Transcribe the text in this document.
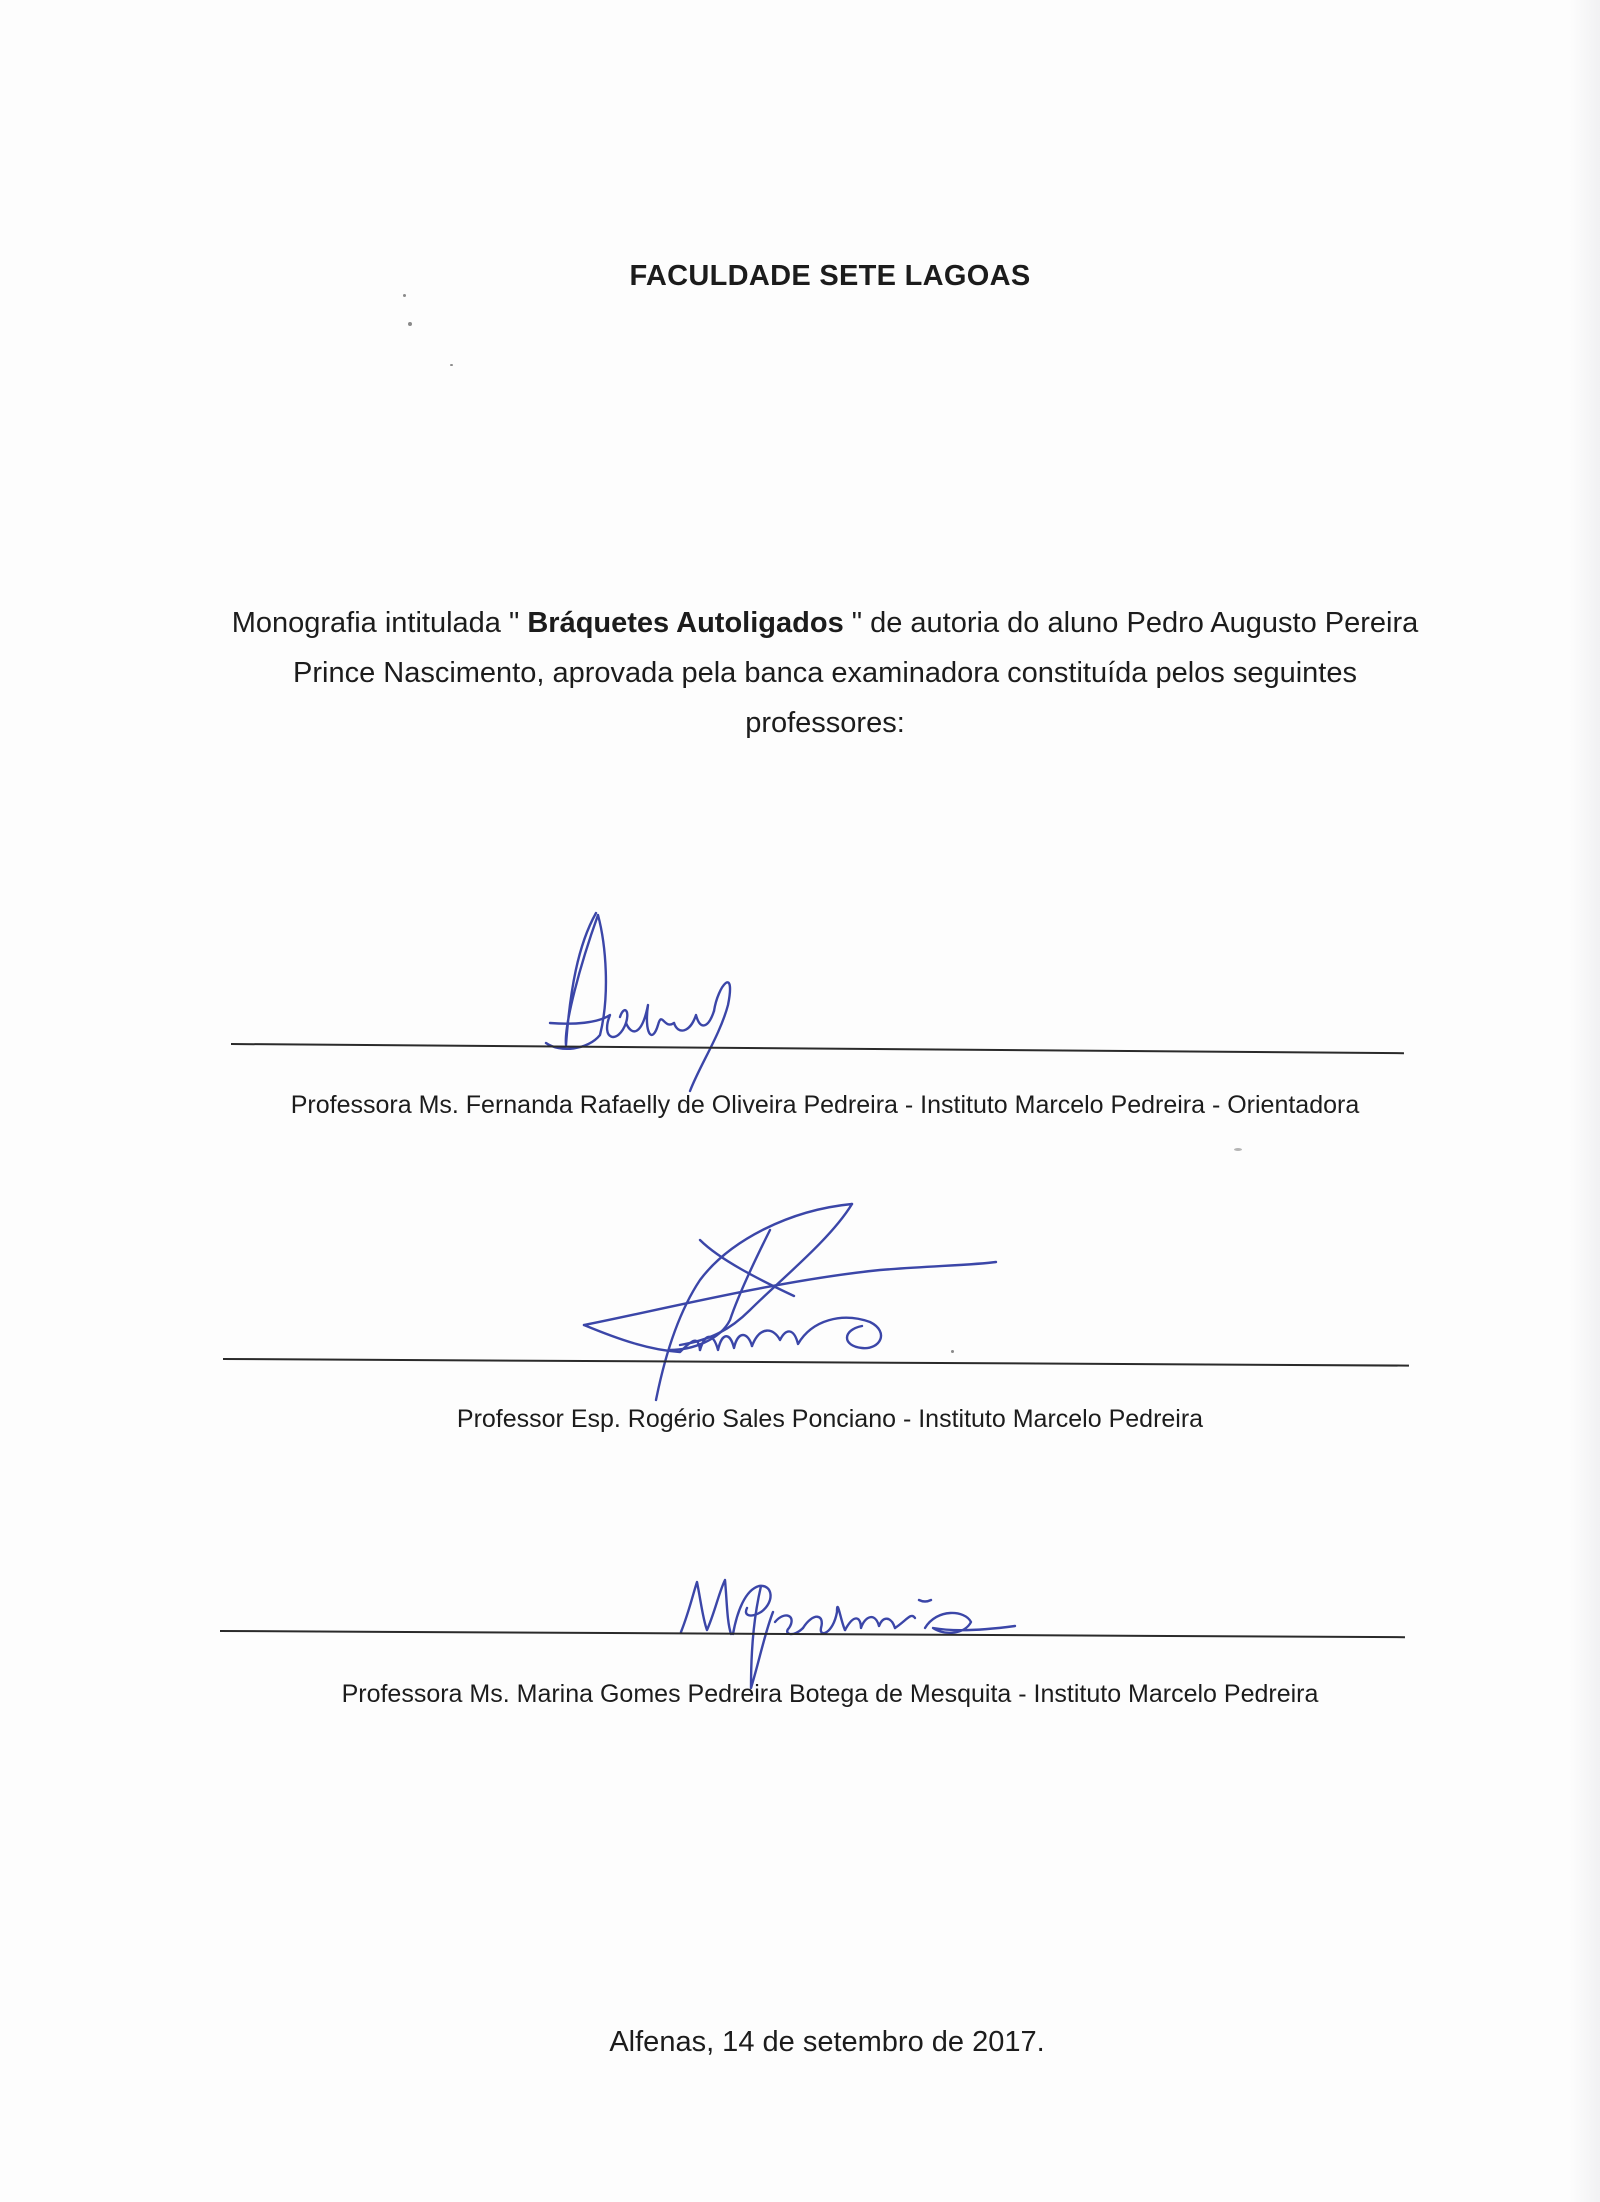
FACULDADE SETE LAGOAS
Monografia intitulada " Bráquetes Autoligados " de autoria do aluno Pedro Augusto Pereira Prince Nascimento, aprovada pela banca examinadora constituída pelos seguintes professores:
Professora Ms. Fernanda Rafaelly de Oliveira Pedreira - Instituto Marcelo Pedreira - Orientadora
Professor Esp. Rogério Sales Ponciano - Instituto Marcelo Pedreira
Professora Ms. Marina Gomes Pedreira Botega de Mesquita - Instituto Marcelo Pedreira
Alfenas, 14 de setembro de 2017.
